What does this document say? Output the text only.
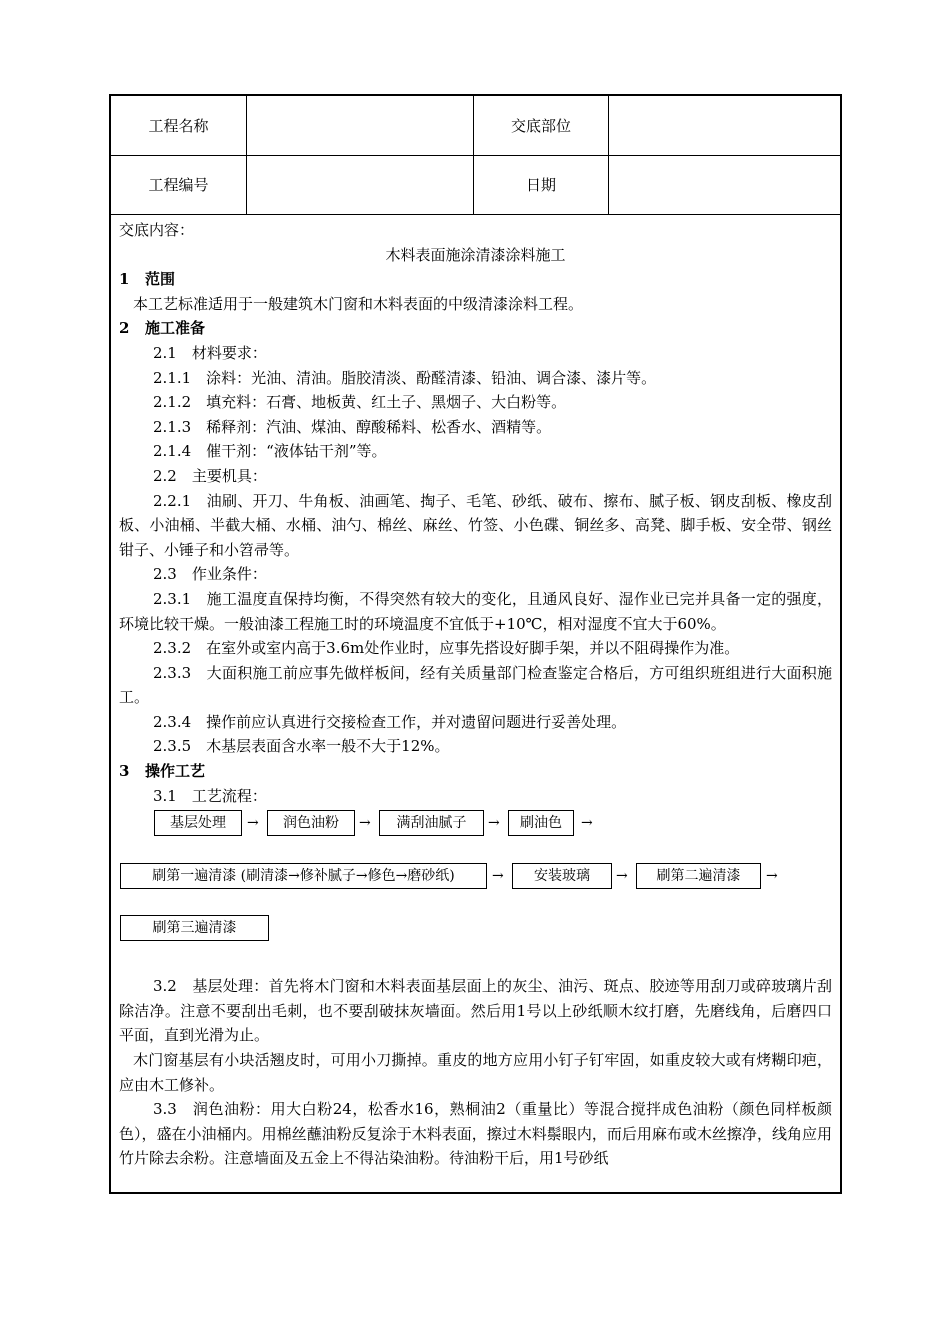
工程名称	交底部位
工程编号	日期

交底内容：

木料表面施涂清漆涂料施工

1 范围

本工艺标准适用于一般建筑木门窗和木料表面的中级清漆涂料工程。

2 施工准备

2.1　材料要求：

2.1.1　涂料：光油、清油。脂胶清淡、酚醛清漆、铅油、调合漆、漆片等。

2.1.2　填充料：石膏、地板黄、红土子、黑烟子、大白粉等。

2.1.3　稀释剂：汽油、煤油、醇酸稀料、松香水、酒精等。

2.1.4　催干剂：“液体钴干剂”等。

2.2　主要机具：

2.2.1　油刷、开刀、牛角板、油画笔、掏子、毛笔、砂纸、破布、擦布、腻子板、钢皮刮板、橡皮刮板、小油桶、半截大桶、水桶、油勺、棉丝、麻丝、竹签、小色碟、铜丝多、高凳、脚手板、安全带、钢丝钳子、小锤子和小笤帚等。

2.3　作业条件：

2.3.1　施工温度直保持均衡，不得突然有较大的变化，且通风良好、湿作业已完并具备一定的强度，环境比较干燥。一般油漆工程施工时的环境温度不宜低于+10℃，相对湿度不宜大于60%。

2.3.2　在室外或室内高于3.6m处作业时，应事先搭设好脚手架，并以不阻碍操作为准。

2.3.3　大面积施工前应事先做样板间，经有关质量部门检查鉴定合格后，方可组织班组进行大面积施工。

2.3.4　操作前应认真进行交接检查工作，并对遗留问题进行妥善处理。

2.3.5　木基层表面含水率一般不大于12%。

3 操作工艺

3.1　工艺流程：

基层处理	→	润色油粉	→	满刮油腻子	→	刷油色	→
刷第一遍清漆 (刷清漆→修补腻子→修色→磨砂纸)	→	安装玻璃	→	刷第二遍清漆	→
刷第三遍清漆

3.2　基层处理：首先将木门窗和木料表面基层面上的灰尘、油污、斑点、胶迹等用刮刀或碎玻璃片刮除洁净。注意不要刮出毛刺，也不要刮破抹灰墙面。然后用1号以上砂纸顺木纹打磨，先磨线角，后磨四口平面，直到光滑为止。

木门窗基层有小块活翘皮时，可用小刀撕掉。重皮的地方应用小钉子钉牢固，如重皮较大或有烤糊印疤，应由木工修补。

3.3　润色油粉：用大白粉24，松香水16，熟桐油2（重量比）等混合搅拌成色油粉（颜色同样板颜色），盛在小油桶内。用棉丝蘸油粉反复涂于木料表面，擦过木料鬃眼内，而后用麻布或木丝擦净，线角应用竹片除去余粉。注意墙面及五金上不得沾染油粉。待油粉干后，用1号砂纸
